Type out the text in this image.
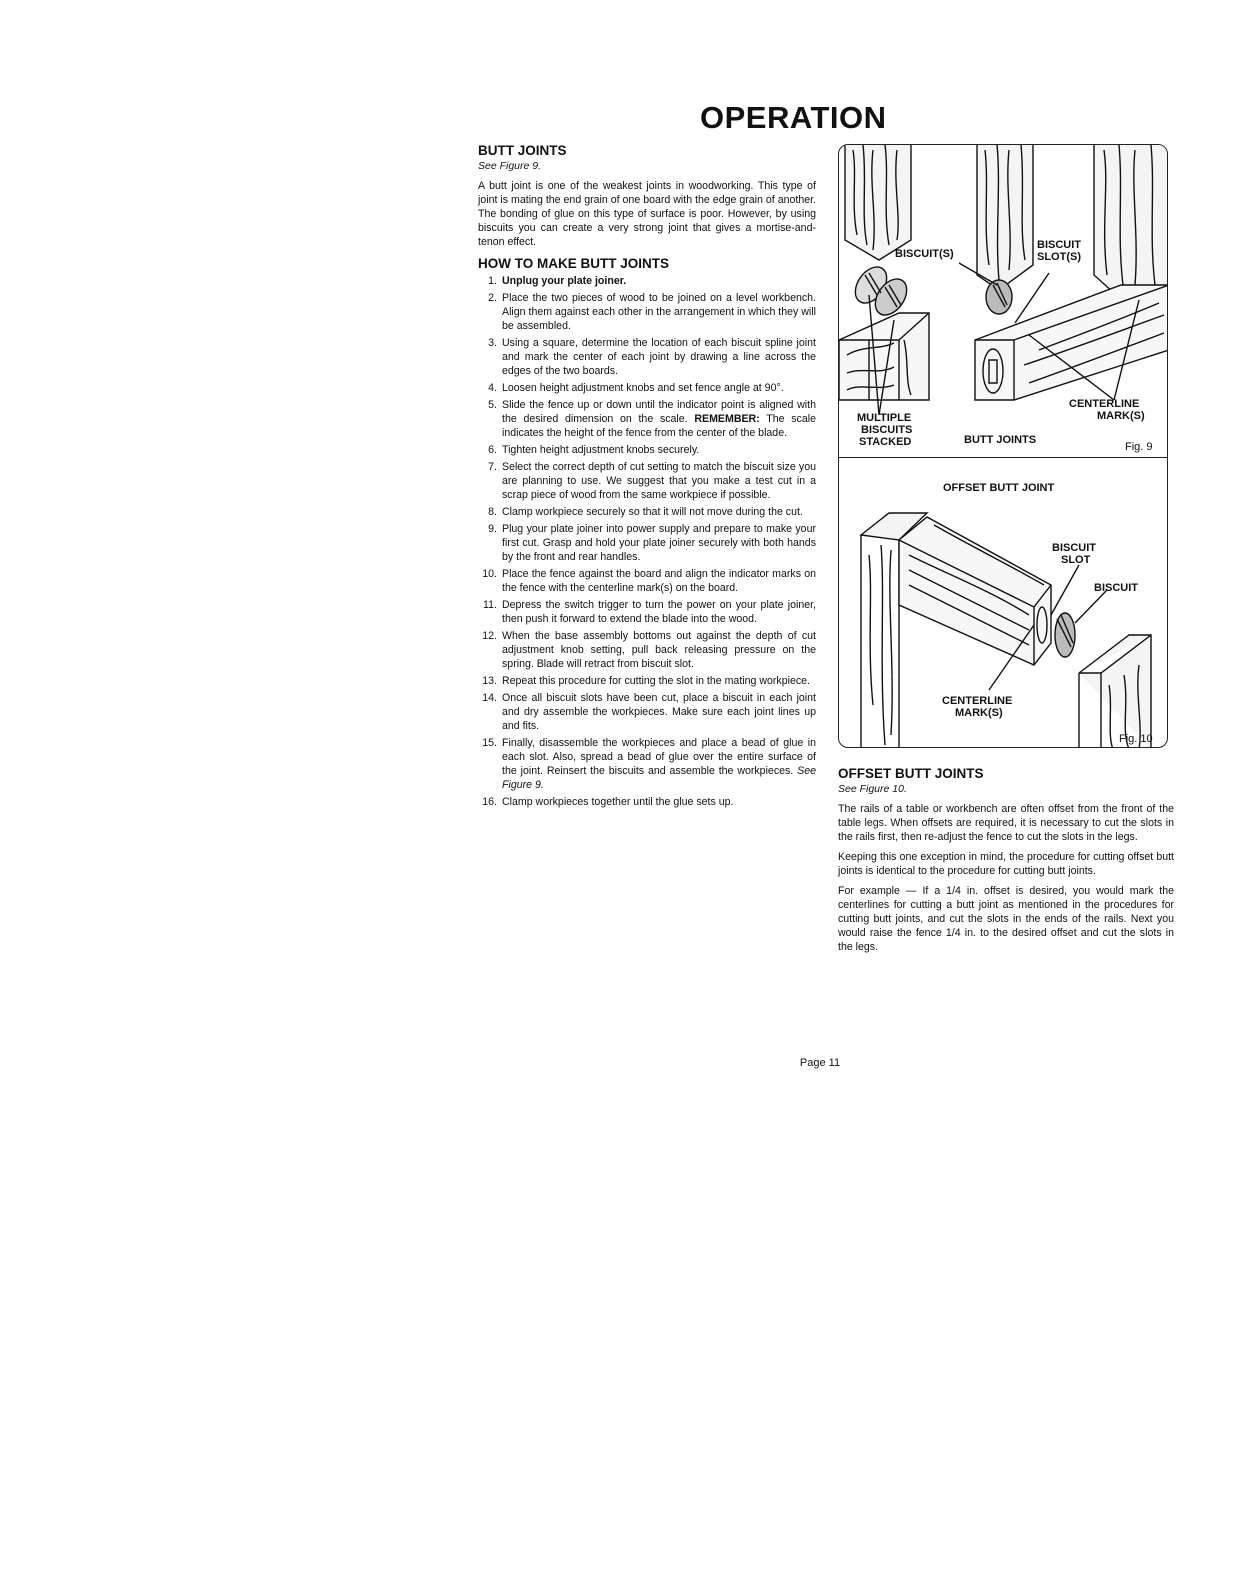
OPERATION
BUTT JOINTS
See Figure 9.

A butt joint is one of the weakest joints in woodworking. This type of joint is mating the end grain of one board with the edge grain of another. The bonding of glue on this type of surface is poor. However, by using biscuits you can create a very strong joint that gives a mortise-and-tenon effect.

HOW TO MAKE BUTT JOINTS
1. Unplug your plate joiner.
2. Place the two pieces of wood to be joined on a level workbench. Align them against each other in the arrangement in which they will be assembled.
3. Using a square, determine the location of each biscuit spline joint and mark the center of each joint by drawing a line across the edges of the two boards.
4. Loosen height adjustment knobs and set fence angle at 90°.
5. Slide the fence up or down until the indicator point is aligned with the desired dimension on the scale. REMEMBER: The scale indicates the height of the fence from the center of the blade.
6. Tighten height adjustment knobs securely.
7. Select the correct depth of cut setting to match the biscuit size you are planning to use. We suggest that you make a test cut in a scrap piece of wood from the same workpiece if possible.
8. Clamp workpiece securely so that it will not move during the cut.
9. Plug your plate joiner into power supply and prepare to make your first cut. Grasp and hold your plate joiner securely with both hands by the front and rear handles.
10. Place the fence against the board and align the indicator marks on the fence with the centerline mark(s) on the board.
11. Depress the switch trigger to turn the power on your plate joiner, then push it forward to extend the blade into the wood.
12. When the base assembly bottoms out against the depth of cut adjustment knob setting, pull back releasing pressure on the spring. Blade will retract from biscuit slot.
13. Repeat this procedure for cutting the slot in the mating workpiece.
14. Once all biscuit slots have been cut, place a biscuit in each joint and dry assemble the workpieces. Make sure each joint lines up and fits.
15. Finally, disassemble the workpieces and place a bead of glue in each slot. Also, spread a bead of glue over the entire surface of the joint. Reinsert the biscuits and assemble the workpieces. See Figure 9.
16. Clamp workpieces together until the glue sets up.
BISCUIT(S)
BISCUIT
SLOT(S)
MULTIPLE
BISCUITS
STACKED	BUTT JOINTS
CENTERLINE
MARK(S)
Fig. 9
OFFSET BUTT JOINT
BISCUIT
SLOT
BISCUIT
CENTERLINE
MARK(S)
Fig. 10
OFFSET BUTT JOINTS
See Figure 10.

The rails of a table or workbench are often offset from the front of the table legs. When offsets are required, it is necessary to cut the slots in the rails first, then re-adjust the fence to cut the slots in the legs.

Keeping this one exception in mind, the procedure for cutting offset butt joints is identical to the procedure for cutting butt joints.

For example — If a 1/4 in. offset is desired, you would mark the centerlines for cutting a butt joint as mentioned in the procedures for cutting butt joints, and cut the slots in the ends of the rails. Next you would raise the fence 1/4 in. to the desired offset and cut the slots in the legs.

Page 11
